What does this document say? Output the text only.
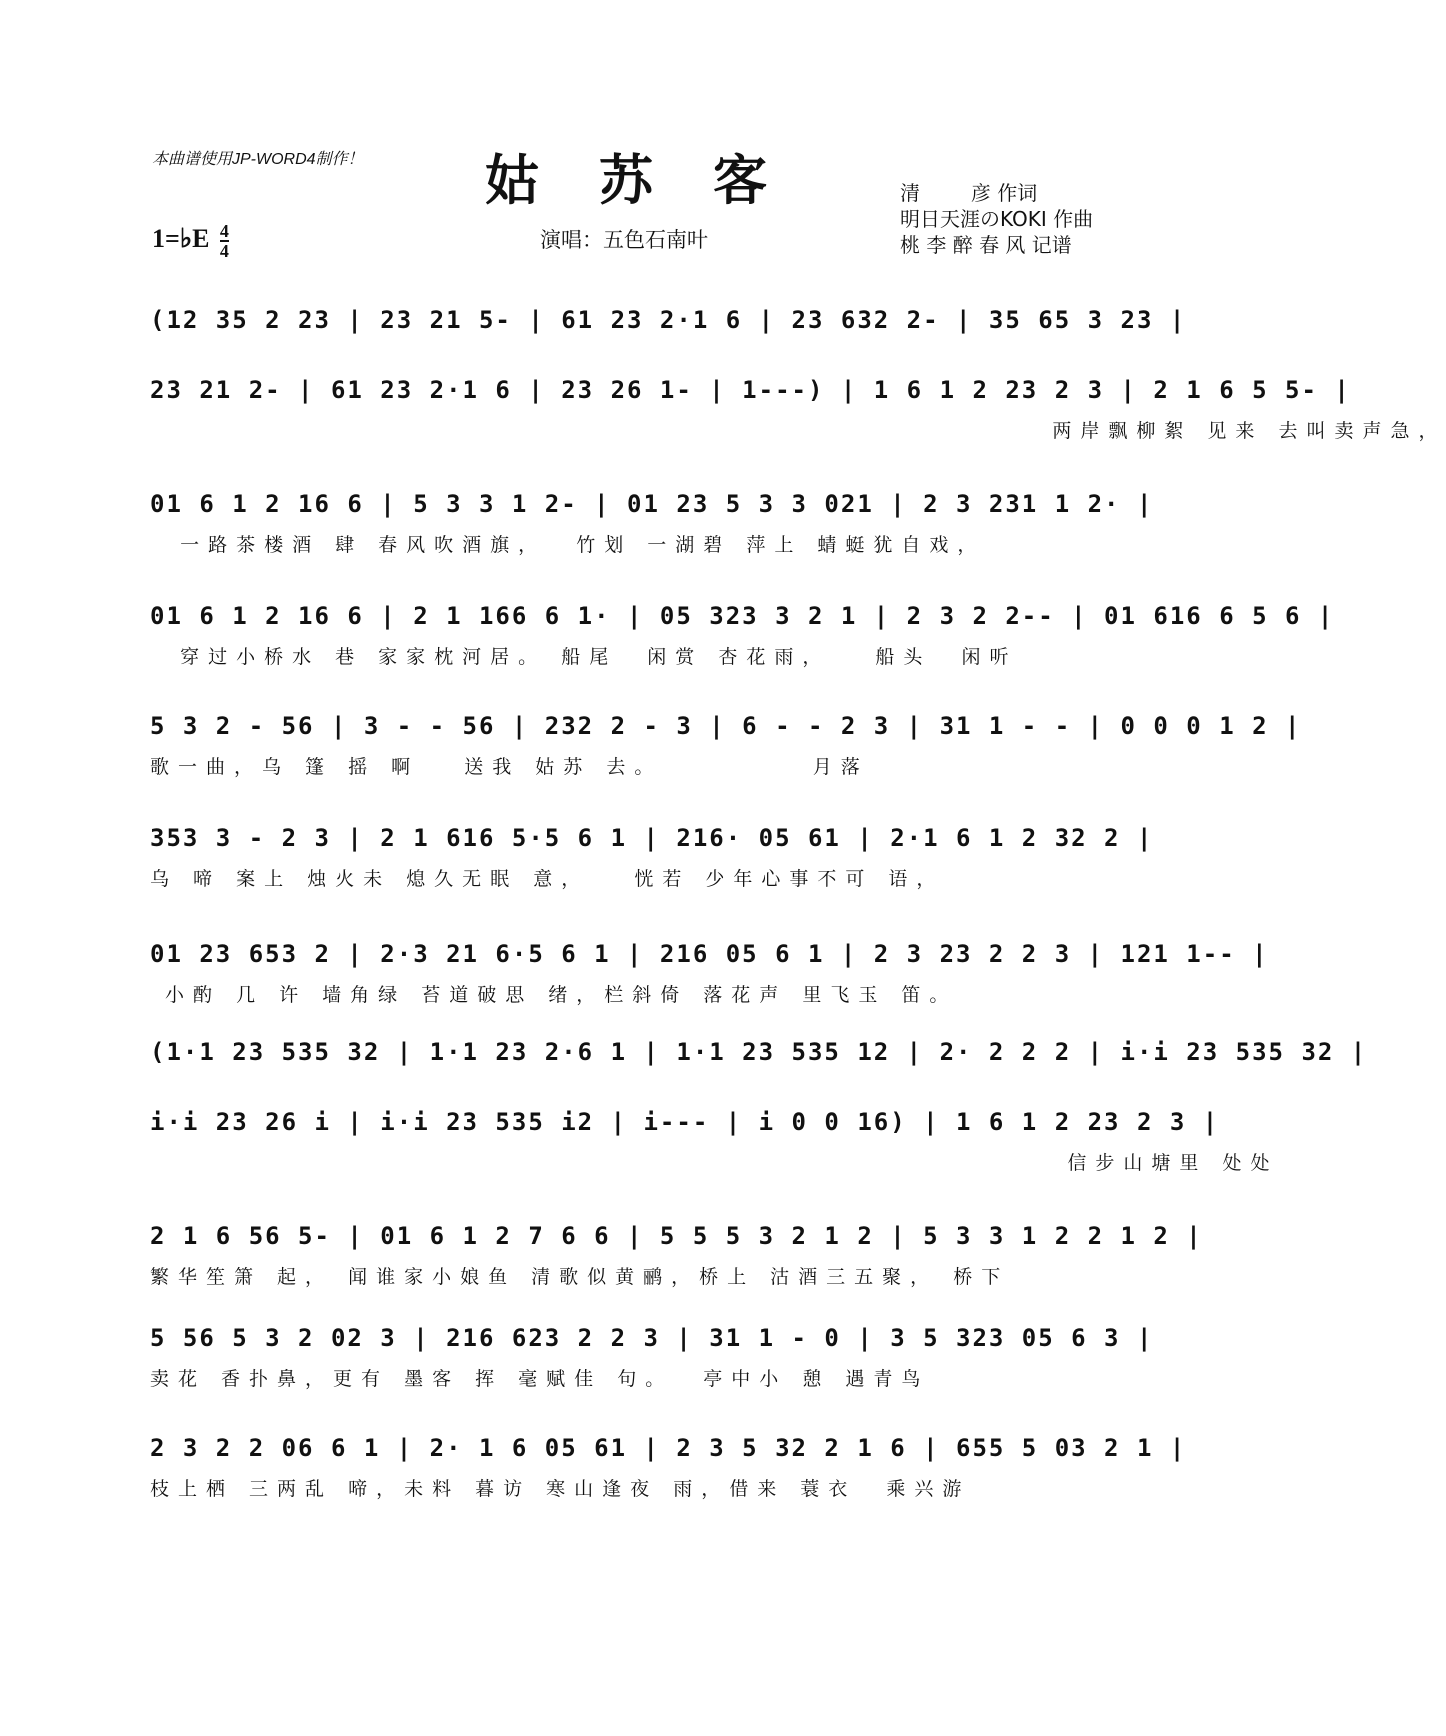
本曲谱使用JP-WORD4制作！	姑苏客
1=♭E $\frac{4}{4}$	演唱：五色石南叶
清        彦 作词
明日天涯のKOKI 作曲
桃 李 醉 春 风 记谱
(12 35 2 23 | 23 21 5- | 61 23 2·1 6 | 23 632 2- | 35 65 3 23 |
23 21 2- | 61 23 2·1 6 | 23 26 1- | 1---) | 1 6 1 2 23 2 3 | 2 1 6 5 5- |
两岸飘柳絮 见来 去叫卖声急，
01 6 1 2 16 6 | 5 3 3 1 2- | 01 23 5 3 3 021 | 2 3 231 1 2· |
一路茶楼酒 肆 春风吹酒旗，  竹划 一湖碧 萍上 蜻蜓犹自戏，
01 6 1 2 16 6 | 2 1 166 6 1· | 05 323 3 2 1 | 2 3 2 2-- | 01 616 6 5 6 |
穿过小桥水 巷 家家枕河居。 船尾  闲赏 杏花雨，   船头  闲听
5 3 2 - 56 | 3 - - 56 | 232 2 - 3 | 6 - - 2 3 | 31 1 - - | 0 0 0 1 2 |
歌一曲，乌 篷 摇 啊   送我 姑苏 去。          月落
353 3 - 2 3 | 2 1 616 5·5 6 1 | 216· 05 61 | 2·1 6 1 2 32 2 |
乌 啼 案上 烛火未 熄久无眠 意，   恍若 少年心事不可 语，
01 23 653 2 | 2·3 21 6·5 6 1 | 216 05 6 1 | 2 3 23 2 2 3 | 121 1-- |
小酌 几 许 墙角绿 苔道破思 绪，栏斜倚 落花声 里飞玉 笛。
(1·1 23 535 32 | 1·1 23 2·6 1 | 1·1 23 535 12 | 2· 2 2 2 | i·i 23 535 32 |
i·i 23 26 i | i·i 23 535 i2 | i--- | i 0 0 16) | 1 6 1 2 23 2 3 |
信步山塘里 处处
2 1 6 56 5- | 01 6 1 2 7 6 6 | 5 5 5 3 2 1 2 | 5 3 3 1 2 2 1 2 |
繁华笙箫 起， 闻谁家小娘鱼 清歌似黄鹂，桥上 沽酒三五聚， 桥下
5 56 5 3 2 02 3 | 216 623 2 2 3 | 31 1 - 0 | 3 5 323 05 6 3 |
卖花 香扑鼻，更有 墨客 挥 毫赋佳 句。  亭中小 憩 遇青鸟
2 3 2 2 06 6 1 | 2· 1 6 05 61 | 2 3 5 32 2 1 6 | 655 5 03 2 1 |
枝上栖 三两乱 啼，未料 暮访 寒山逢夜 雨，借来 蓑衣  乘兴游
